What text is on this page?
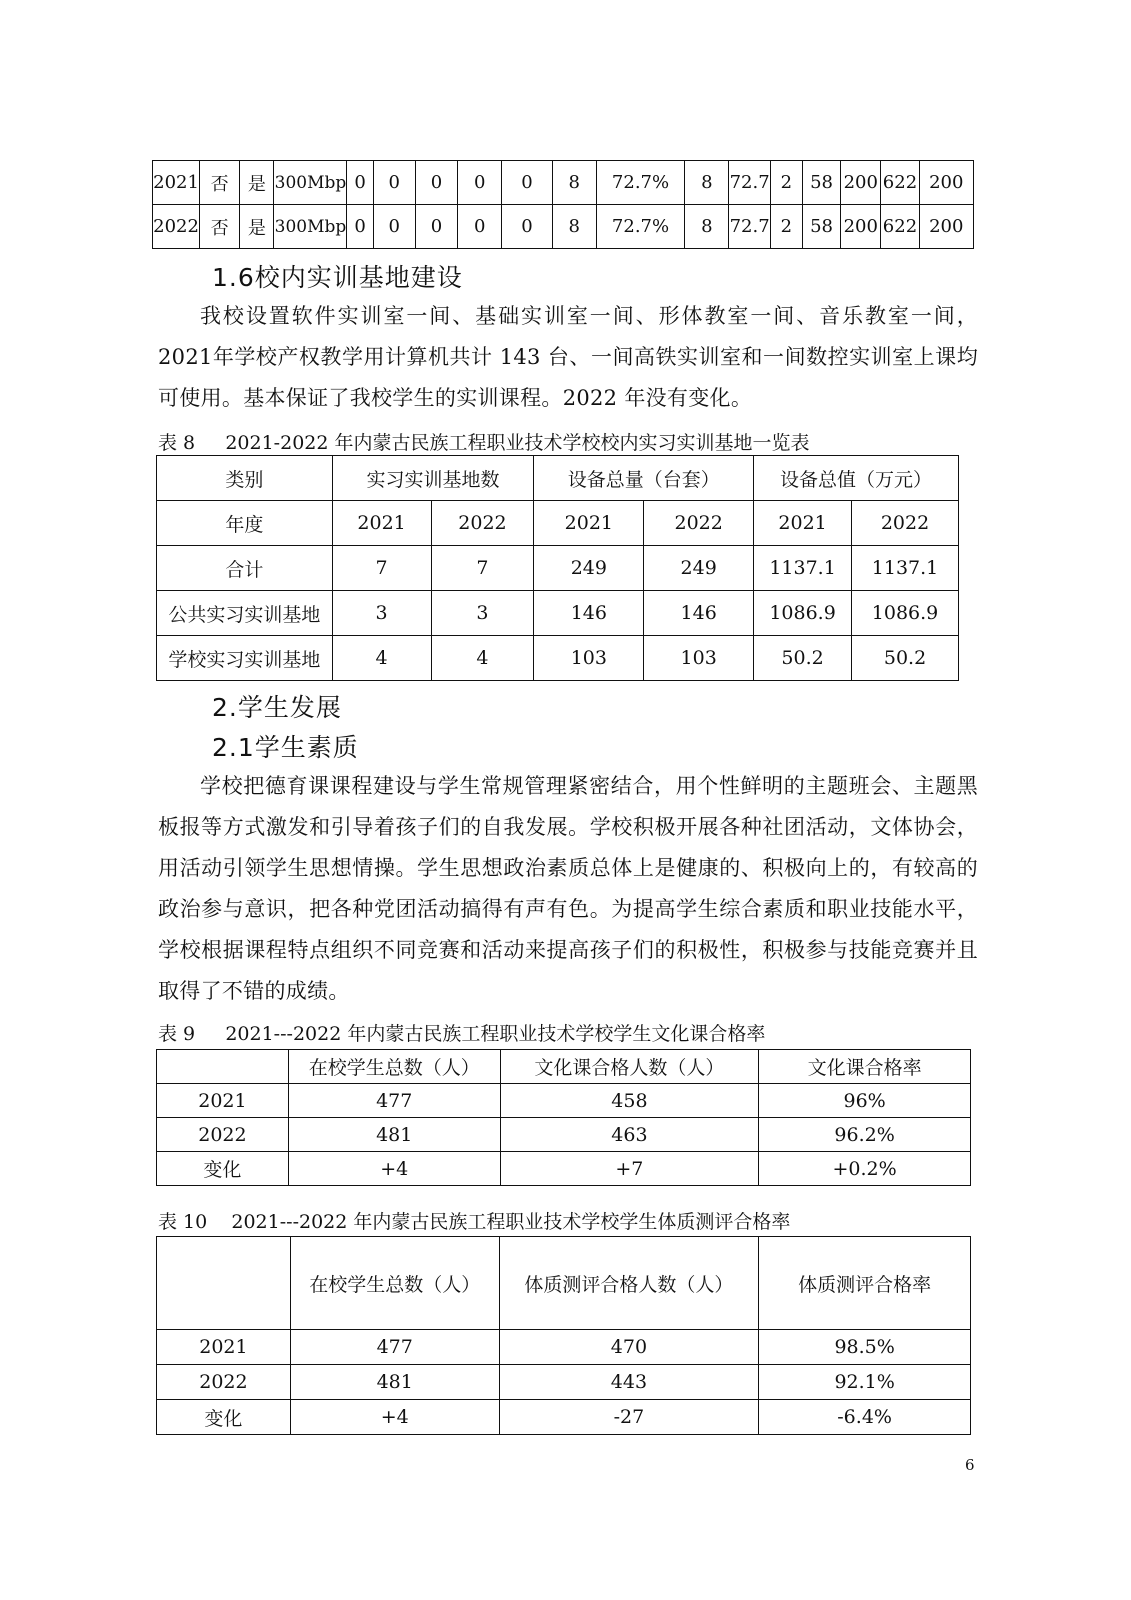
2021	否	是	300Mbp	0	0	0	0	0	8	72.7%	8	72.7	2	58	200	622	200
2022	否	是	300Mbp	0	0	0	0	0	8	72.7%	8	72.7	2	58	200	622	200
1.6校内实训基地建设

我校设置软件实训室一间、基础实训室一间、形体教室一间、音乐教室一间，2021年学校产权教学用计算机共计 143 台、一间高铁实训室和一间数控实训室上课均可使用。基本保证了我校学生的实训课程。2022 年没有变化。

表 8     2021-2022 年内蒙古民族工程职业技术学校校内实习实训基地一览表

类别	实习实训基地数		设备总量（台套）		设备总值（万元）	
年度	2021	2022	2021	2022	2021	2022
合计	7	7	249	249	1137.1	1137.1
公共实习实训基地	3	3	146	146	1086.9	1086.9
学校实习实训基地	4	4	103	103	50.2	50.2
2.学生发展
2.1学生素质

学校把德育课课程建设与学生常规管理紧密结合，用个性鲜明的主题班会、主题黑板报等方式激发和引导着孩子们的自我发展。学校积极开展各种社团活动，文体协会，用活动引领学生思想情操。学生思想政治素质总体上是健康的、积极向上的，有较高的政治参与意识，把各种党团活动搞得有声有色。为提高学生综合素质和职业技能水平，学校根据课程特点组织不同竞赛和活动来提高孩子们的积极性，积极参与技能竞赛并且取得了不错的成绩。

表 9     2021---2022 年内蒙古民族工程职业技术学校学生文化课合格率

	在校学生总数（人）	文化课合格人数（人）	文化课合格率
2021	477	458	96%
2022	481	463	96.2%
变化	+4	+7	+0.2%

表 10    2021---2022 年内蒙古民族工程职业技术学校学生体质测评合格率

	在校学生总数（人）	体质测评合格人数（人）	体质测评合格率
2021	477	470	98.5%
2022	481	443	92.1%
变化	+4	-27	-6.4%
6
